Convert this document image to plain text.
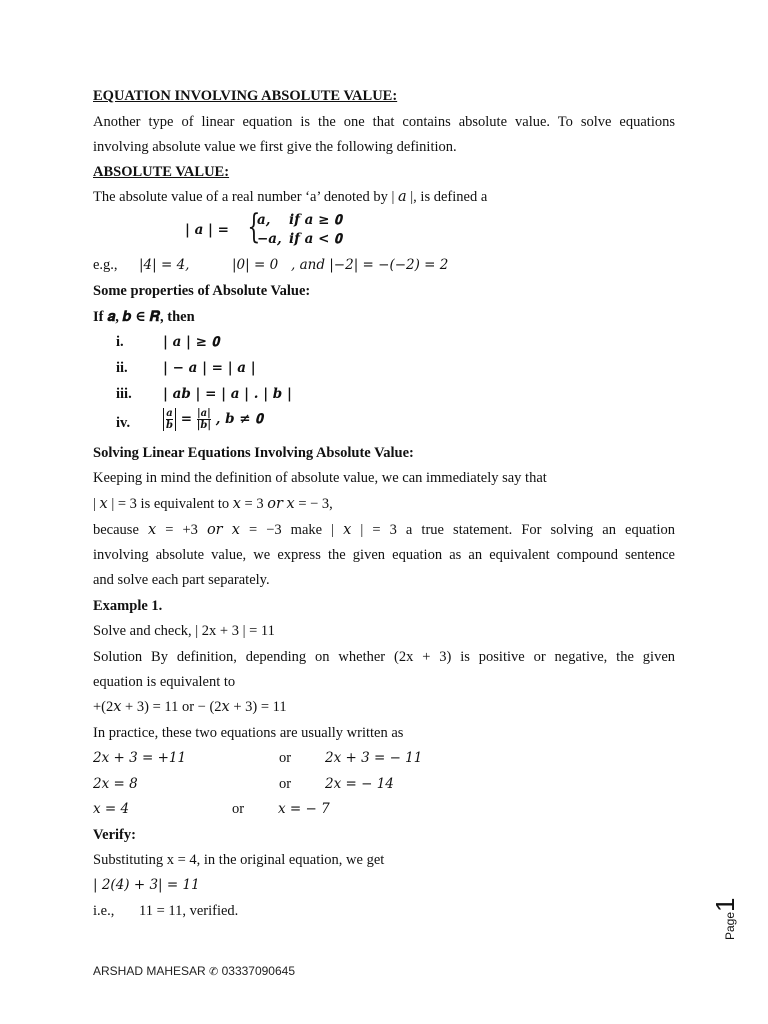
EQUATION INVOLVING ABSOLUTE VALUE:
Another type of linear equation is the one that contains absolute value. To solve equations
involving absolute value we first give the following definition.
ABSOLUTE VALUE:
The absolute value of a real number ‘a’ denoted by | 𝑎 |, is defined a
| 𝒂 | = {
𝒂, 𝒊𝒇 𝒂 ≥ 𝟎
−𝒂, 𝒊𝒇 𝒂 < 𝟎
e.g., |4| = 4,	|0| = 0 , and |−2| = −(−2) = 2
Some properties of Absolute Value:
If 𝒂, 𝒃 ∈ 𝑹, then
i.	| 𝒂 | ≥ 𝟎
ii.	| − 𝒂 | = | 𝒂 |
iii. | 𝒂𝒃 | = | 𝒂 | . | 𝒃 |
iv.	$\frac{\text{𝒂}}{\text{𝒃}} = \frac{\text{|𝒂|}}{\text{|𝒃|}}$ , 𝒃 ≠ 𝟎
Solving Linear Equations Involving Absolute Value:
Keeping in mind the definition of absolute value, we can immediately say that
| 𝑥 | = 3 is equivalent to 𝑥 = 3 𝑜𝑟 𝑥 = − 3,
because 𝑥 = +3 𝑜𝑟 𝑥 = −3 make | 𝑥 | = 3 a true statement. For solving an equation
involving absolute value, we express the given equation as an equivalent compound sentence
and solve each part separately.
Example 1.
Solve and check, | 2x + 3 | = 11
Solution By definition, depending on whether (2x + 3) is positive or negative, the given
equation is equivalent to
+(2𝑥 + 3) = 11 or − (2𝑥 + 3) = 11
In practice, these two equations are usually written as
2𝑥 + 3 = +11	or	2𝑥 + 3 = − 11
2𝑥 = 8	or	2𝑥 = − 14
𝑥 = 4	or	𝑥 = − 7
Verify:
Substituting x = 4, in the original equation, we get
| 2(4) + 3| = 11
i.e., 11 = 11, verified.
ARSHAD MAHESAR ✆ 03337090645
Page1
